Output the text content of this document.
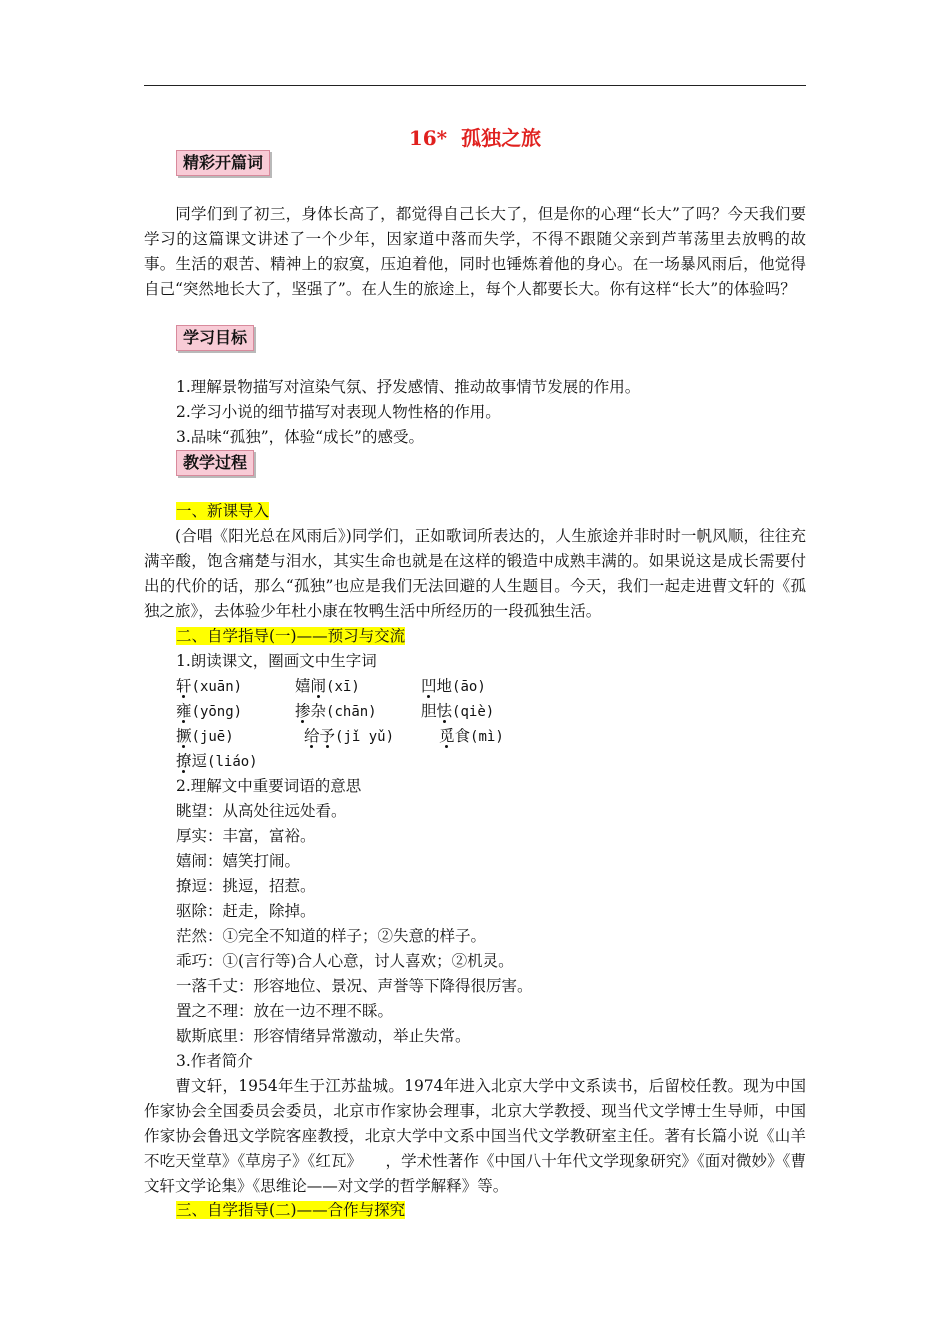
16* 孤独之旅
精彩开篇词
同学们到了初三，身体长高了，都觉得自己长大了，但是你的心理“长大”了吗？今天我们要学习的这篇课文讲述了一个少年，因家道中落而失学，不得不跟随父亲到芦苇荡里去放鸭的故事。生活的艰苦、精神上的寂寞，压迫着他，同时也锤炼着他的身心。在一场暴风雨后，他觉得自己“突然地长大了，坚强了”。在人生的旅途上，每个人都要长大。你有这样“长大”的体验吗？
学习目标
1.理解景物描写对渲染气氛、抒发感情、推动故事情节发展的作用。
2.学习小说的细节描写对表现人物性格的作用。
3.品味“孤独”，体验“成长”的感受。
教学过程
一、新课导入
(合唱《阳光总在风雨后》)同学们，正如歌词所表达的，人生旅途并非时时一帆风顺，往往充满辛酸，饱含痛楚与泪水，其实生命也就是在这样的锻造中成熟丰满的。如果说这是成长需要付出的代价的话，那么“孤独”也应是我们无法回避的人生题目。今天，我们一起走进曹文轩的《孤独之旅》，去体验少年杜小康在牧鸭生活中所经历的一段孤独生活。
二、自学指导(一)——预习与交流
1.朗读课文，圈画文中生字词
轩(xuān)	嬉闹(xī)	凹地(āo)
雍(yōng)	掺杂(chān)	胆怯(qiè)
撅(juē)	给予(jǐ yǔ)	觅食(mì)
撩逗(liáo)
2.理解文中重要词语的意思
眺望：从高处往远处看。
厚实：丰富，富裕。
嬉闹：嬉笑打闹。
撩逗：挑逗，招惹。
驱除：赶走，除掉。
茫然：①完全不知道的样子；②失意的样子。
乖巧：①(言行等)合人心意，讨人喜欢；②机灵。
一落千丈：形容地位、景况、声誉等下降得很厉害。
置之不理：放在一边不理不睬。
歇斯底里：形容情绪异常激动，举止失常。
3.作者简介
曹文轩，1954年生于江苏盐城。1974年进入北京大学中文系读书，后留校任教。现为中国作家协会全国委员会委员，北京市作家协会理事，北京大学教授、现当代文学博士生导师，中国作家协会鲁迅文学院客座教授，北京大学中文系中国当代文学教研室主任。著有长篇小说《山羊不吃天堂草》《草房子》《红瓦》　　，学术性著作《中国八十年代文学现象研究》《面对微妙》《曹文轩文学论集》《思维论——对文学的哲学解释》等。
三、自学指导(二)——合作与探究
